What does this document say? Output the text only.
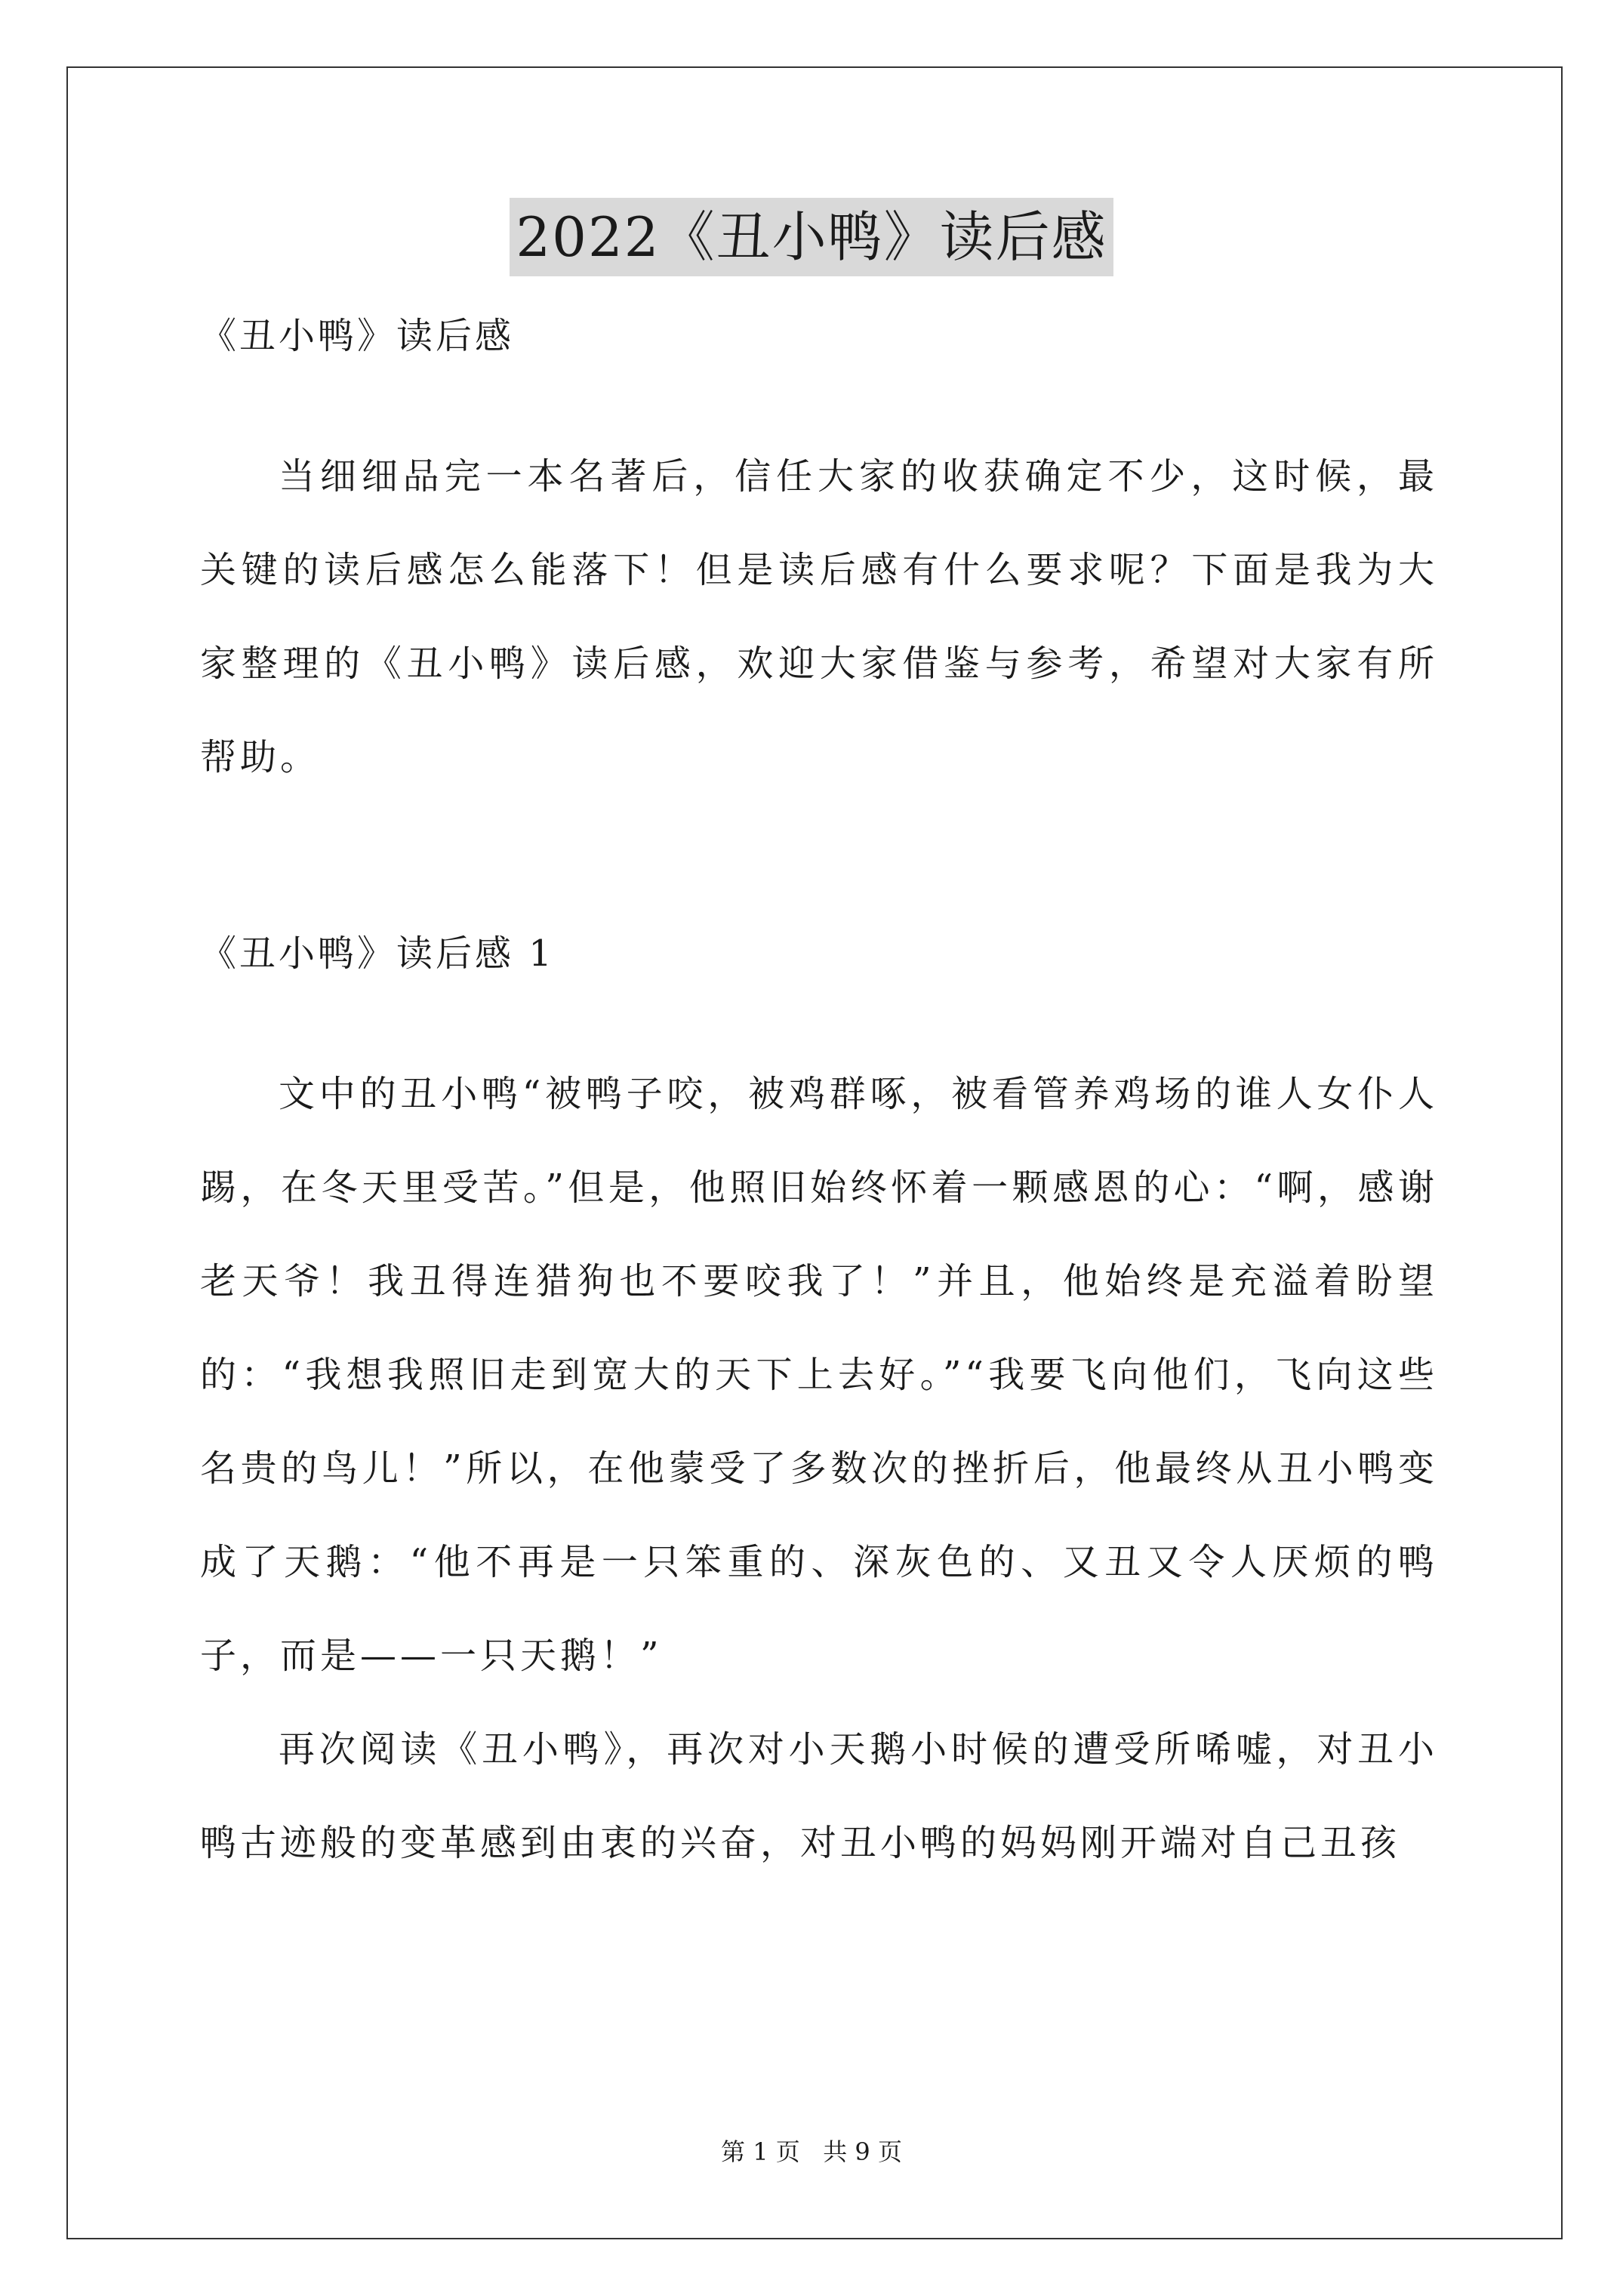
2022《丑小鸭》读后感

《丑小鸭》读后感

当细细品完一本名著后，信任大家的收获确定不少，这时候，最关键的读后感怎么能落下！但是读后感有什么要求呢？下面是我为大家整理的《丑小鸭》读后感，欢迎大家借鉴与参考，希望对大家有所帮助。

《丑小鸭》读后感 1

文中的丑小鸭“被鸭子咬，被鸡群啄，被看管养鸡场的谁人女仆人踢，在冬天里受苦。”但是，他照旧始终怀着一颗感恩的心：“啊，感谢老天爷！我丑得连猎狗也不要咬我了！”并且，他始终是充溢着盼望的：“我想我照旧走到宽大的天下上去好。”“我要飞向他们，飞向这些名贵的鸟儿！”所以，在他蒙受了多数次的挫折后，他最终从丑小鸭变成了天鹅：“他不再是一只笨重的、深灰色的、又丑又令人厌烦的鸭子，而是——一只天鹅！”

再次阅读《丑小鸭》，再次对小天鹅小时候的遭受所唏嘘，对丑小鸭古迹般的变革感到由衷的兴奋，对丑小鸭的妈妈刚开端对自己丑孩

第 1 页   共 9 页
